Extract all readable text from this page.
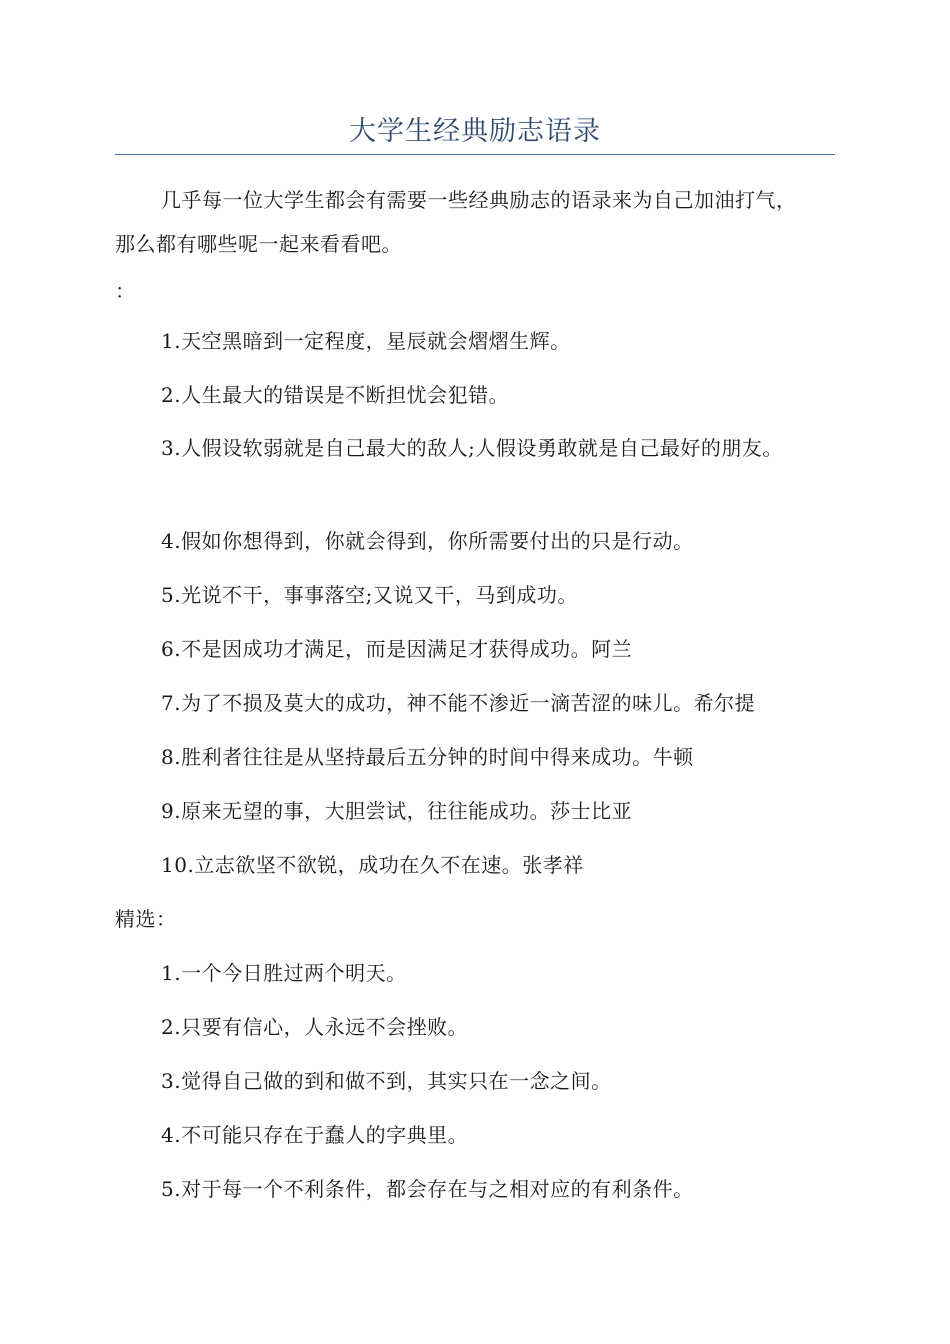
大学生经典励志语录
几乎每一位大学生都会有需要一些经典励志的语录来为自己加油打气，那么都有哪些呢一起来看看吧。
：
1.天空黑暗到一定程度，星辰就会熠熠生辉。
2.人生最大的错误是不断担忧会犯错。
3.人假设软弱就是自己最大的敌人;人假设勇敢就是自己最好的朋友。
4.假如你想得到，你就会得到，你所需要付出的只是行动。
5.光说不干，事事落空;又说又干，马到成功。
6.不是因成功才满足，而是因满足才获得成功。阿兰
7.为了不损及莫大的成功，神不能不渗近一滴苦涩的味儿。希尔提
8.胜利者往往是从坚持最后五分钟的时间中得来成功。牛顿
9.原来无望的事，大胆尝试，往往能成功。莎士比亚
10.立志欲坚不欲锐，成功在久不在速。张孝祥
精选：
1.一个今日胜过两个明天。
2.只要有信心，人永远不会挫败。
3.觉得自己做的到和做不到，其实只在一念之间。
4.不可能只存在于蠢人的字典里。
5.对于每一个不利条件，都会存在与之相对应的有利条件。
